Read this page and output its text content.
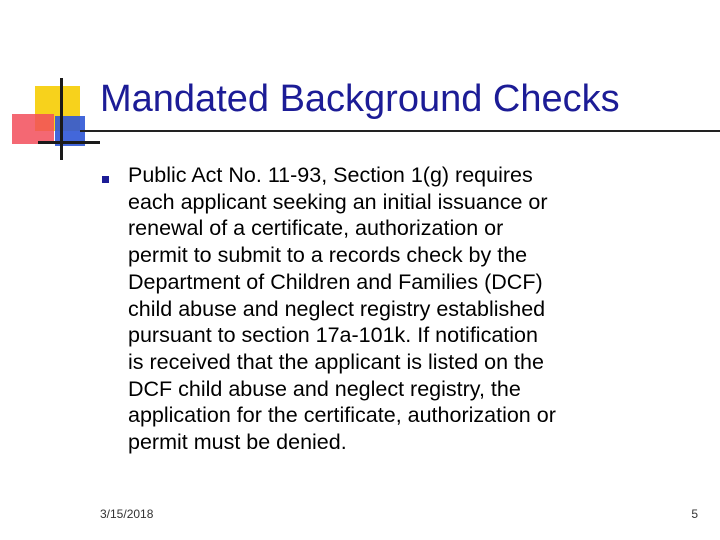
Mandated Background Checks

Public Act No. 11-93, Section 1(g) requires
each applicant seeking an initial issuance or
renewal of a certificate, authorization or
permit to submit to a records check by the
Department of Children and Families (DCF)
child abuse and neglect registry established
pursuant to section 17a-101k. If notification
is received that the applicant is listed on the
DCF child abuse and neglect registry, the
application for the certificate, authorization or
permit must be denied.

3/15/2018	5
